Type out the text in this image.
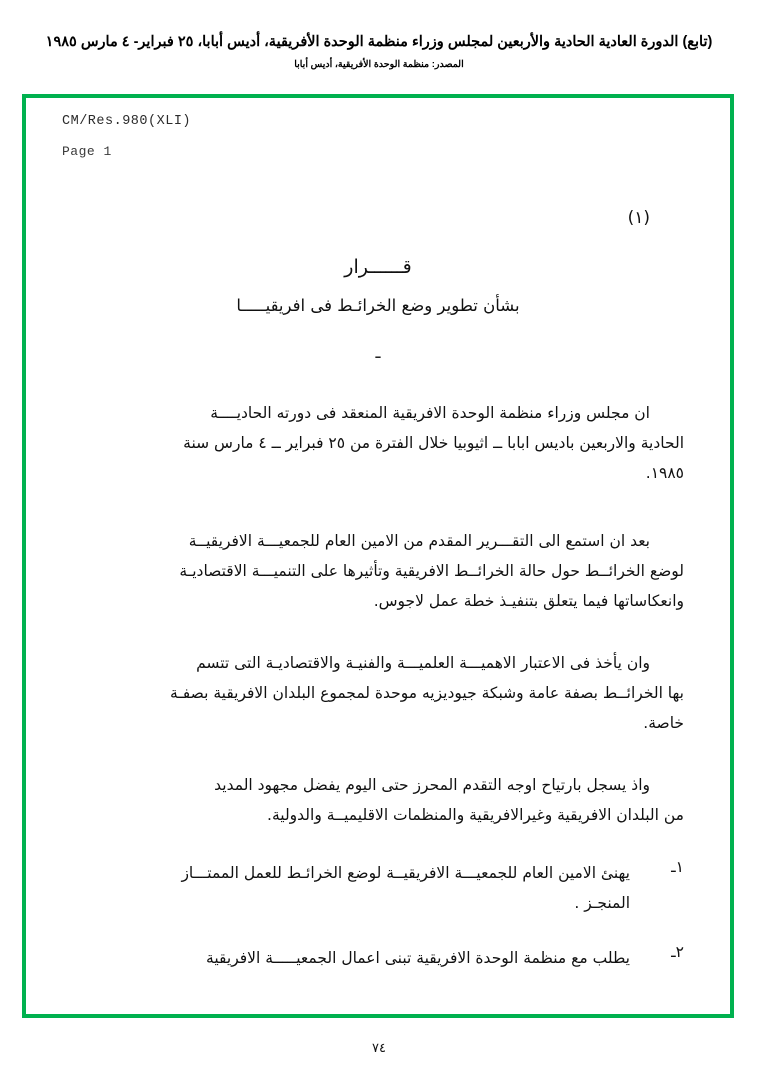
(تابع) الدورة العادية الحادية والأربعين لمجلس وزراء منظمة الوحدة الأفريقية، أديس أبابا، ٢٥ فبراير- ٤ مارس ١٩٨٥
المصدر: منظمة الوحدة الأفريقية، أديس أبابا
CM/Res.980(XLI)
Page 1
(١)
قــــــرار
بشأن تطوير وضع الخرائـط فى افريقيـــــا
ـ
ان مجلس وزراء منظمة الوحدة الافريقية المنعقد فى دورته الحاديــــة
الحادية والاربعين باديس ابابا ــ اثيوبيا خلال الفترة من ٢٥ فبراير ــ ٤ مارس سنة
١٩٨٥.
بعد ان استمع الى التقـــرير المقدم من الامين العام للجمعيـــة الافريقيــة
لوضع الخرائــط حول حالة الخرائــط الافريقية وتأثيرها على التنميـــة الاقتصاديـة
وانعكاساتها فيما يتعلق بتنفيـذ خطة عمل لاجوس.
وان يأخذ فى الاعتبار الاهميـــة العلميـــة والفنيـة والاقتصاديـة التى تتسم
بها الخرائــط بصفة عامة وشبكة جيوديزيه موحدة لمجموع البلدان الافريقية بصفـة
خاصة.
واذ يسجل بارتياح اوجه التقدم المحرز حتى اليوم يفضل مجهود المديد
من البلدان الافريقية وغيرالافريقية والمنظمات الاقليميــة والدولية.
١ـ
يهنئ الامين العام للجمعيـــة الافريقيــة لوضع الخرائـط للعمل الممتـــاز
المنجـز .
٢ـ
يطلب مع منظمة الوحدة الافريقية تبنى اعمال الجمعيـــــة الافريقية
٧٤
